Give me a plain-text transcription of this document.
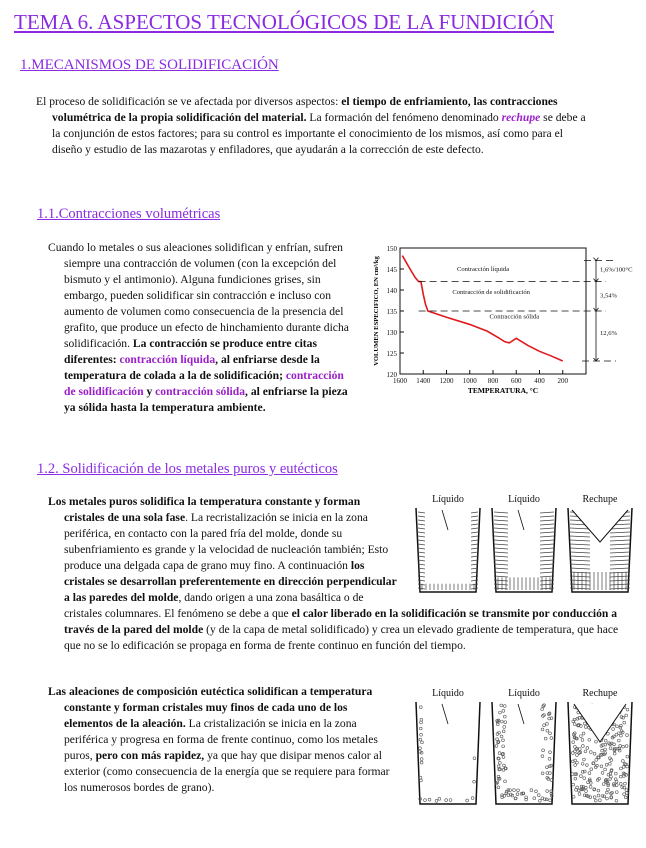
TEMA 6. ASPECTOS TECNOLÓGICOS DE LA FUNDICIÓN
1.MECANISMOS DE SOLIDIFICACIÓN

El proceso de solidificación se ve afectada por diversos aspectos: el tiempo de enfriamiento, las contracciones volumétrica de la propia solidificación del material. La formación del fenómeno denominado rechupe se debe a la conjunción de estos factores; para su control es importante el conocimiento de los mismos, así como para el diseño y estudio de las mazarotas y enfiladores, que ayudarán a la corrección de este defecto.

1.1.Contracciones volumétricas

Cuando lo metales o sus aleaciones solidifican y enfrían, sufren siempre una contracción de volumen (con la excepción del bismuto y el antimonio). Alguna fundiciones grises, sin embargo, pueden solidificar sin contracción e incluso con aumento de volumen como consecuencia de la presencia del grafito, que produce un efecto de hinchamiento durante dicha solidificación. La contracción se produce entre citas diferentes: contracción líquida, al enfriarse desde la temperatura de colada a la de solidificación; contracción de solidificación y contracción sólida, al enfriarse la pieza ya sólida hasta la temperatura ambiente.

120
125
130
135
140
145
150
1600 1400 1200 1000 800 600 400 200
TEMPERATURA, °C
VOLUMEN ESPECIFICO, EN cm³/kg	Contracción líquida
Contracción de solidificación
Contracción sólida
1,6%/100°C
3,54%
12,6%
1.2. Solidificación de los metales puros y eutécticos
Líquido	Líquido	Rechupe

Los metales puros solidifica la temperatura constante y forman cristales de una sola fase. La recristalización se inicia en la zona periférica, en contacto con la pared fría del molde, donde su subenfriamiento es grande y la velocidad de nucleación también; Esto produce una delgada capa de grano muy fino. A continuación los cristales se desarrollan preferentemente en dirección perpendicular a las paredes del molde, dando origen a una zona basáltica o de cristales columnares. El fenómeno se debe a que el calor liberado en la solidificación se transmite por conducción a través de la pared del molde (y de la capa de metal solidificado) y crea un elevado gradiente de temperatura, que hace que no se lo edificación se propaga en forma de frente continuo en función del tiempo.

Líquido	Líquido	Rechupe

Las aleaciones de composición eutéctica solidifican a temperatura constante y forman cristales muy finos de cada uno de los elementos de la aleación. La cristalización se inicia en la zona periférica y progresa en forma de frente continuo, como los metales puros, pero con más rapidez, ya que hay que disipar menos calor al exterior (como consecuencia de la energía que se requiere para formar los numerosos bordes de grano).
